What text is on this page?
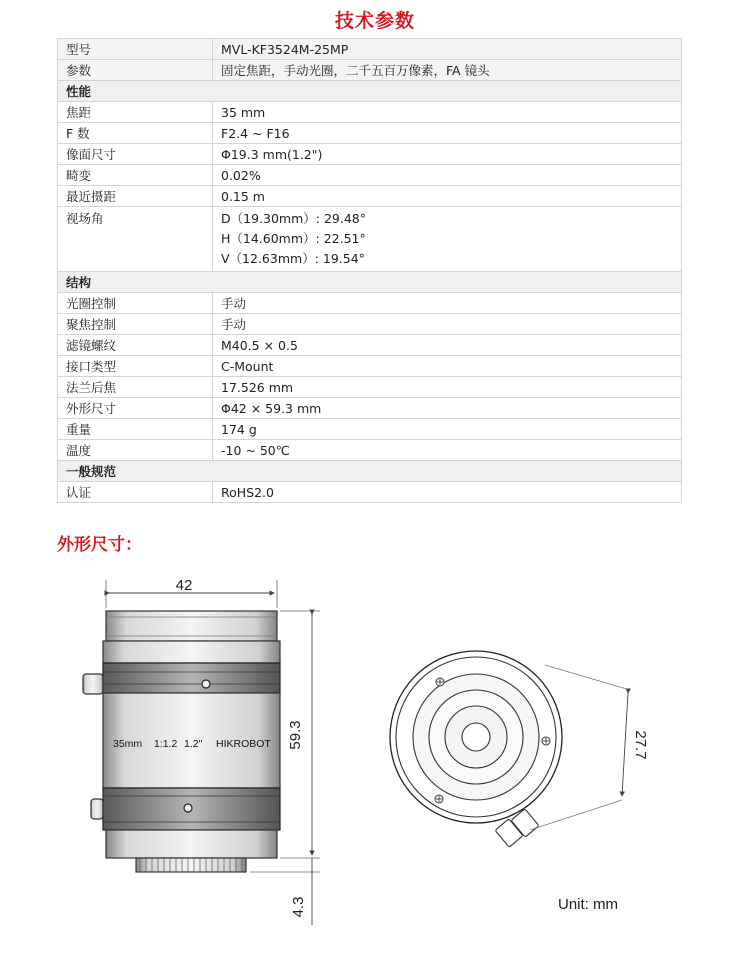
技术参数
型号	MVL-KF3524M-25MP
参数	固定焦距，手动光圈，二千五百万像素，FA 镜头
性能	
焦距	35 mm
F 数	F2.4 ~ F16
像面尺寸	Φ19.3 mm(1.2")
畸变	0.02%
最近摄距	0.15 m
视场角	D（19.30mm）: 29.48°
H（14.60mm）: 22.51°
V（12.63mm）: 19.54°

结构	
光圈控制	手动
聚焦控制	手动
滤镜螺纹	M40.5 × 0.5
接口类型	C-Mount
法兰后焦	17.526 mm
外形尺寸	Φ42 × 59.3 mm
重量	174 g
温度	-10 ~ 50℃
一般规范	
认证	RoHS2.0
外形尺寸：
35mm 1:1.2 1.2" HIKROBOT
42
59.3
4.3
27.7
Unit: mm
